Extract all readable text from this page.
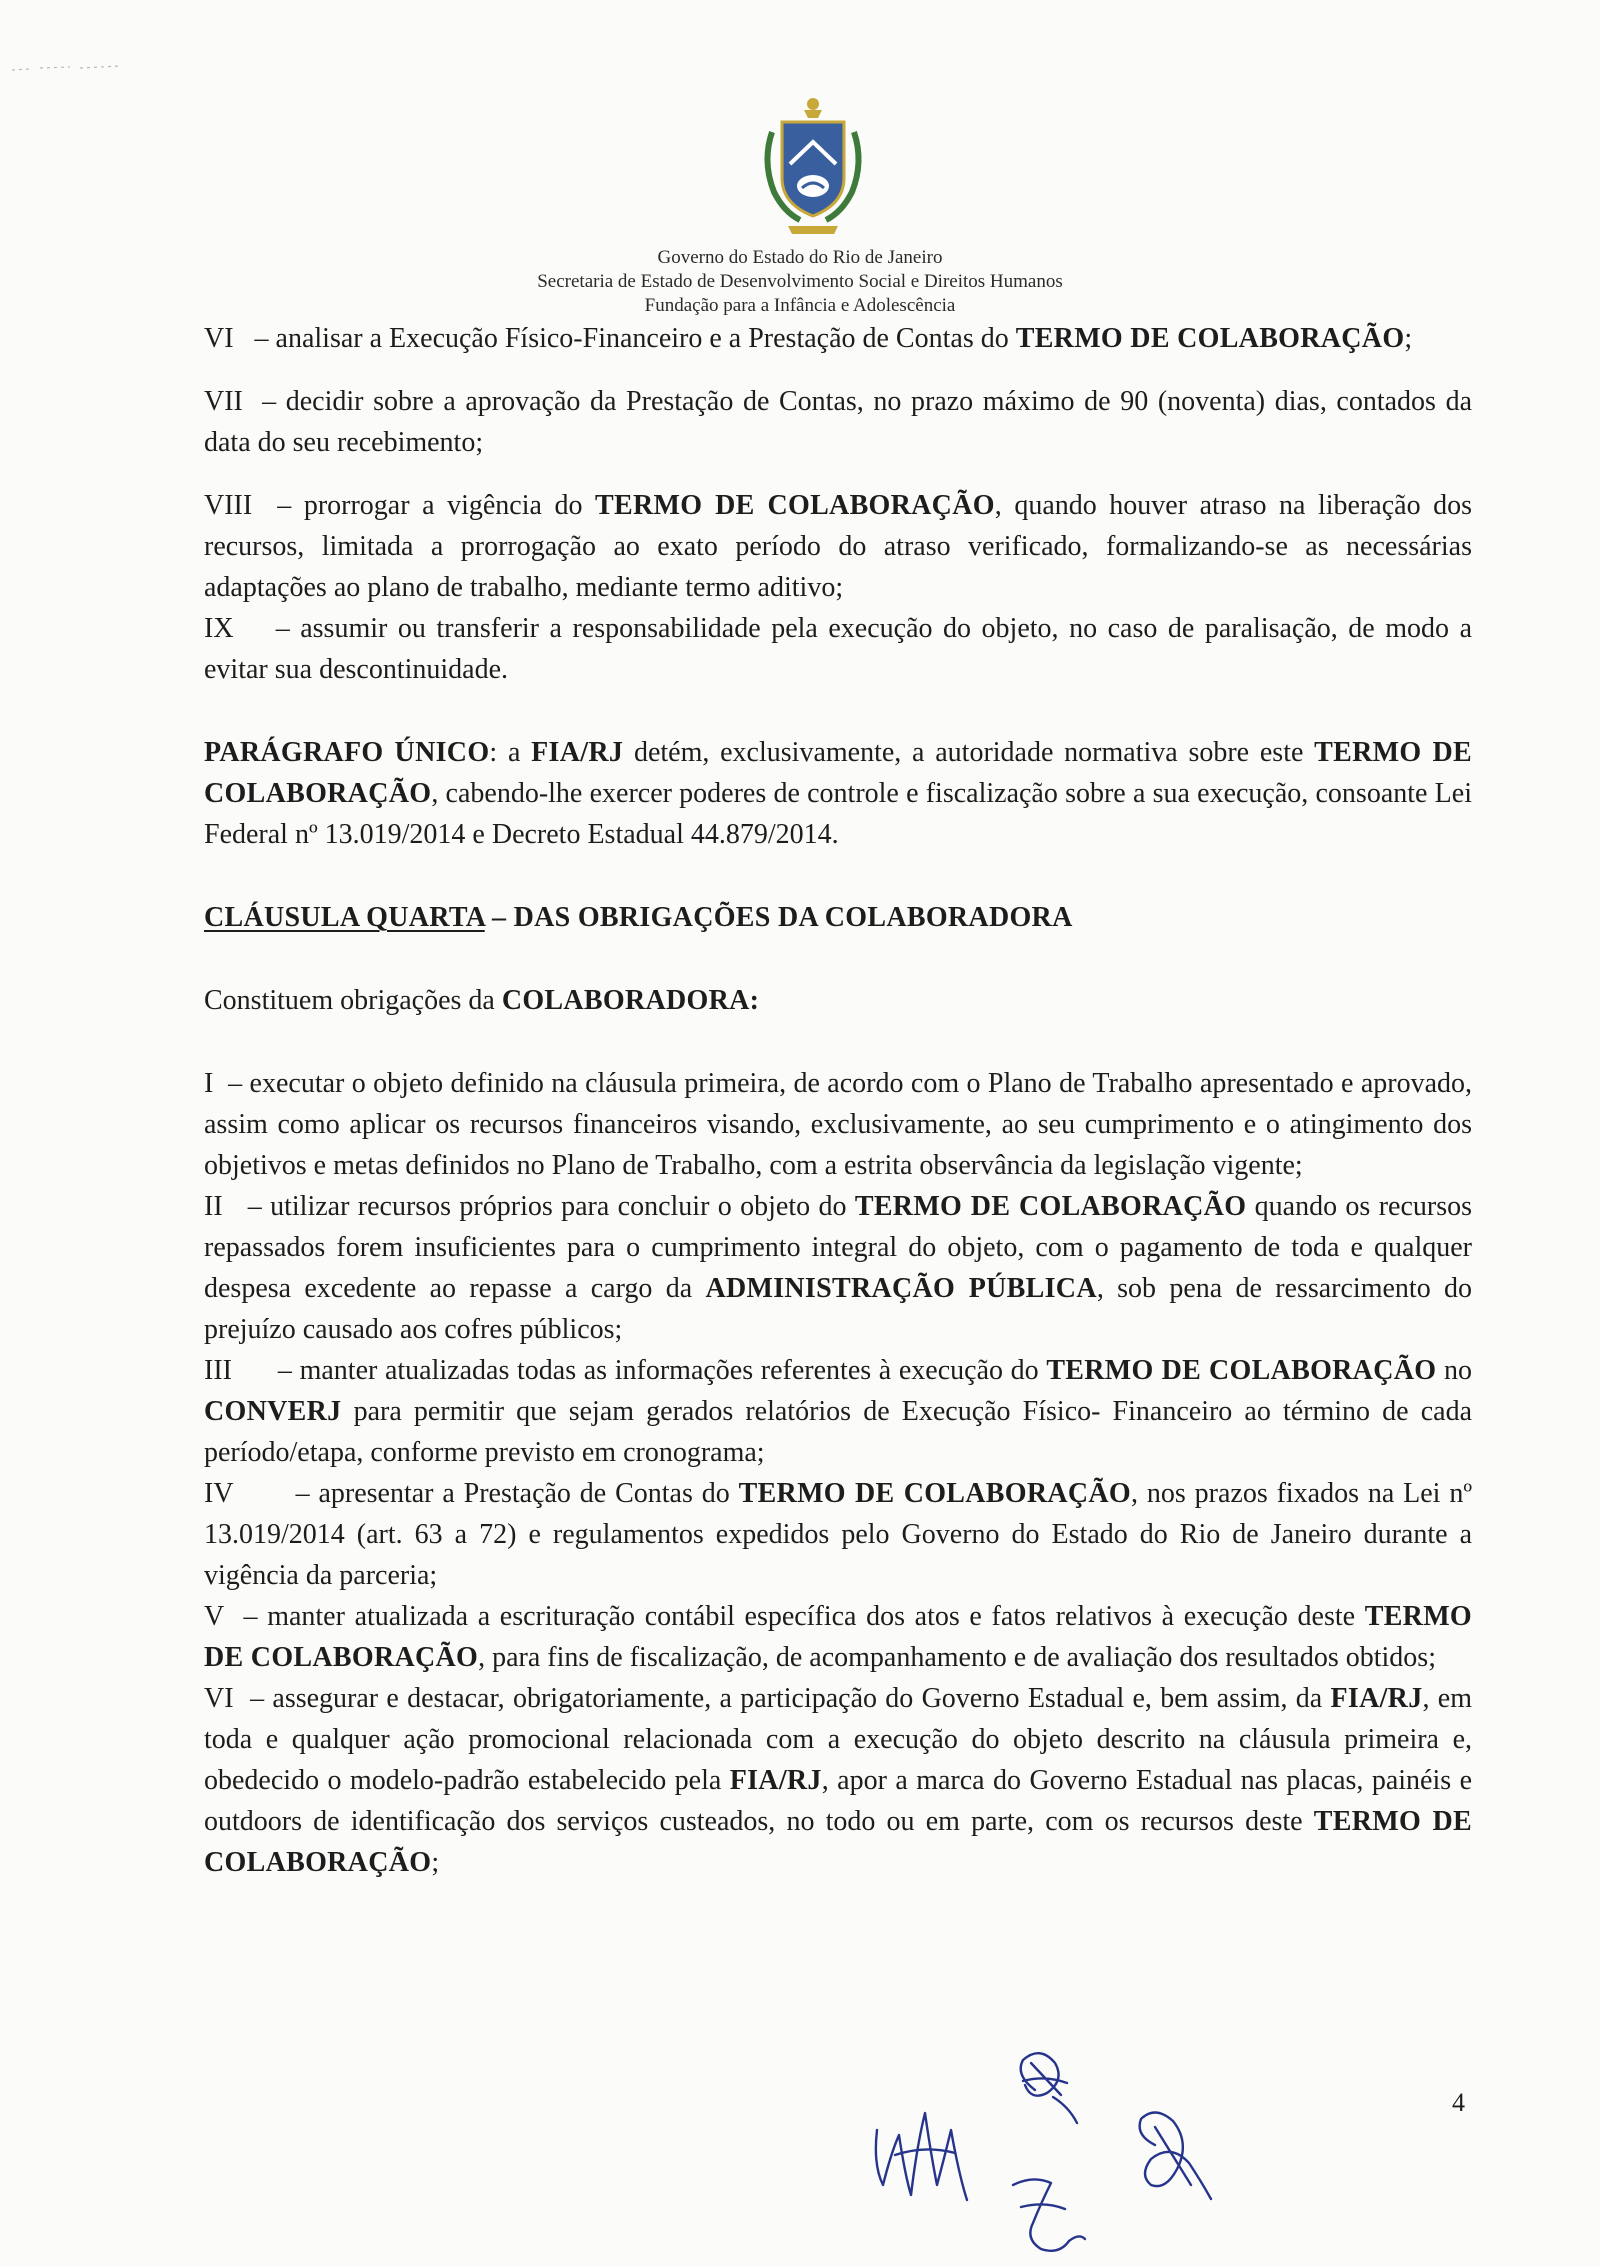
Governo do Estado do Rio de Janeiro
Secretaria de Estado de Desenvolvimento Social e Direitos Humanos
Fundação para a Infância e Adolescência

VI – analisar a Execução Físico-Financeiro e a Prestação de Contas do TERMO DE COLABORAÇÃO;

VII – decidir sobre a aprovação da Prestação de Contas, no prazo máximo de 90 (noventa) dias, contados da data do seu recebimento;

VIII – prorrogar a vigência do TERMO DE COLABORAÇÃO, quando houver atraso na liberação dos recursos, limitada a prorrogação ao exato período do atraso verificado, formalizando-se as necessárias adaptações ao plano de trabalho, mediante termo aditivo;

IX – assumir ou transferir a responsabilidade pela execução do objeto, no caso de paralisação, de modo a evitar sua descontinuidade.

PARÁGRAFO ÚNICO: a FIA/RJ detém, exclusivamente, a autoridade normativa sobre este TERMO DE COLABORAÇÃO, cabendo-lhe exercer poderes de controle e fiscalização sobre a sua execução, consoante Lei Federal nº 13.019/2014 e Decreto Estadual 44.879/2014.

CLÁUSULA QUARTA – DAS OBRIGAÇÕES DA COLABORADORA

Constituem obrigações da COLABORADORA:

I – executar o objeto definido na cláusula primeira, de acordo com o Plano de Trabalho apresentado e aprovado, assim como aplicar os recursos financeiros visando, exclusivamente, ao seu cumprimento e o atingimento dos objetivos e metas definidos no Plano de Trabalho, com a estrita observância da legislação vigente;

II – utilizar recursos próprios para concluir o objeto do TERMO DE COLABORAÇÃO quando os recursos repassados forem insuficientes para o cumprimento integral do objeto, com o pagamento de toda e qualquer despesa excedente ao repasse a cargo da ADMINISTRAÇÃO PÚBLICA, sob pena de ressarcimento do prejuízo causado aos cofres públicos;

III – manter atualizadas todas as informações referentes à execução do TERMO DE COLABORAÇÃO no CONVERJ para permitir que sejam gerados relatórios de Execução Físico- Financeiro ao término de cada período/etapa, conforme previsto em cronograma;

IV – apresentar a Prestação de Contas do TERMO DE COLABORAÇÃO, nos prazos fixados na Lei nº 13.019/2014 (art. 63 a 72) e regulamentos expedidos pelo Governo do Estado do Rio de Janeiro durante a vigência da parceria;

V – manter atualizada a escrituração contábil específica dos atos e fatos relativos à execução deste TERMO DE COLABORAÇÃO, para fins de fiscalização, de acompanhamento e de avaliação dos resultados obtidos;

VI – assegurar e destacar, obrigatoriamente, a participação do Governo Estadual e, bem assim, da FIA/RJ, em toda e qualquer ação promocional relacionada com a execução do objeto descrito na cláusula primeira e, obedecido o modelo-padrão estabelecido pela FIA/RJ, apor a marca do Governo Estadual nas placas, painéis e outdoors de identificação dos serviços custeados, no todo ou em parte, com os recursos deste TERMO DE COLABORAÇÃO;

4
